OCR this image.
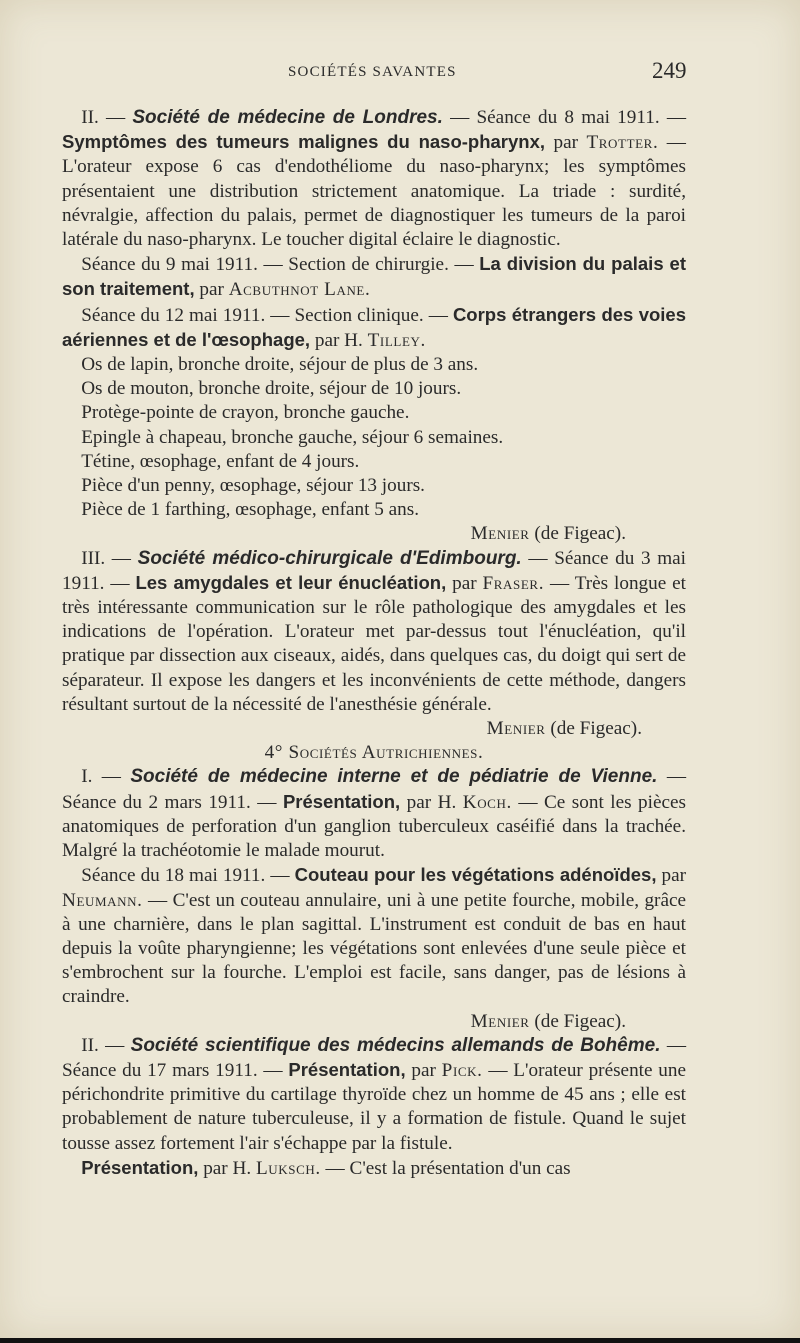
SOCIÉTÉS SAVANTES	249

 II. — Société de médecine de Londres. — Séance du 8 mai 1911. — Symptômes des tumeurs malignes du naso-pharynx, par Trotter. — L'orateur expose 6 cas d'endothéliome du naso-pharynx; les symptômes présentaient une distribution strictement anatomique. La triade : surdité, névralgie, affection du palais, permet de diagnostiquer les tumeurs de la paroi latérale du naso-pharynx. Le toucher digital éclaire le diagnostic.

 Séance du 9 mai 1911. — Section de chirurgie. — La division du palais et son traitement, par Acbuthnot Lane.

 Séance du 12 mai 1911. — Section clinique. — Corps étrangers des voies aériennes et de l'œsophage, par H. Tilley.

 Os de lapin, bronche droite, séjour de plus de 3 ans.

 Os de mouton, bronche droite, séjour de 10 jours.

 Protège-pointe de crayon, bronche gauche.

 Epingle à chapeau, bronche gauche, séjour 6 semaines.

 Tétine, œsophage, enfant de 4 jours.

 Pièce d'un penny, œsophage, séjour 13 jours.

 Pièce de 1 farthing, œsophage, enfant 5 ans.

Menier (de Figeac).

 III. — Société médico-chirurgicale d'Edimbourg. — Séance du 3 mai 1911. — Les amygdales et leur énucléation, par Fraser. — Très longue et très intéressante communication sur le rôle pathologique des amygdales et les indications de l'opération. L'orateur met par-dessus tout l'énucléation, qu'il pratique par dissection aux ciseaux, aidés, dans quelques cas, du doigt qui sert de séparateur. Il expose les dangers et les inconvénients de cette méthode, dangers résultant surtout de la nécessité de l'anesthésie générale.

Menier (de Figeac).

4° Sociétés Autrichiennes.

 I. — Société de médecine interne et de pédiatrie de Vienne. — Séance du 2 mars 1911. — Présentation, par H. Koch. — Ce sont les pièces anatomiques de perforation d'un ganglion tuberculeux caséifié dans la trachée. Malgré la trachéotomie le malade mourut.

 Séance du 18 mai 1911. — Couteau pour les végétations adénoïdes, par Neumann. — C'est un couteau annulaire, uni à une petite fourche, mobile, grâce à une charnière, dans le plan sagittal. L'instrument est conduit de bas en haut depuis la voûte pharyngienne; les végétations sont enlevées d'une seule pièce et s'embrochent sur la fourche. L'emploi est facile, sans danger, pas de lésions à craindre.

Menier (de Figeac).

 II. — Société scientifique des médecins allemands de Bohême. — Séance du 17 mars 1911. — Présentation, par Pick. — L'orateur présente une périchondrite primitive du cartilage thyroïde chez un homme de 45 ans ; elle est probablement de nature tuberculeuse, il y a formation de fistule. Quand le sujet tousse assez fortement l'air s'échappe par la fistule.

 Présentation, par H. Luksch. — C'est la présentation d'un cas
